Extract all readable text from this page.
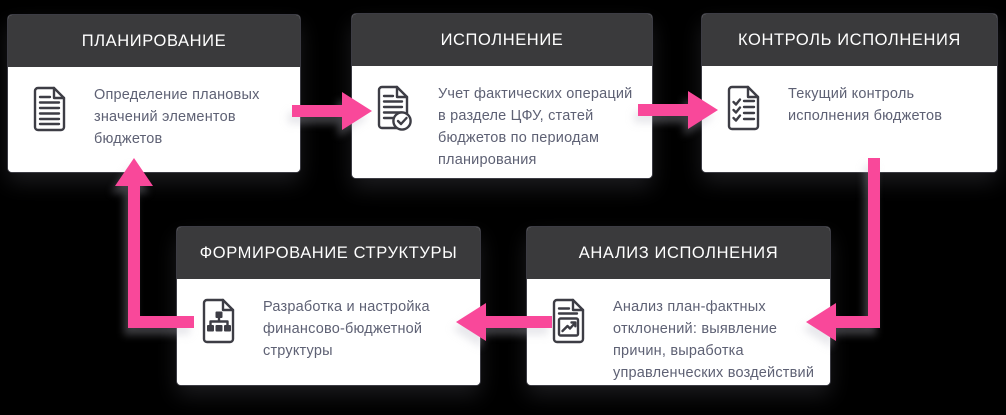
ПЛАНИРОВАНИЕ
Определение плановых значений элементов бюджетов
ИСПОЛНЕНИЕ
Учет фактических операций в разделе ЦФУ, статей бюджетов по периодам планирования
КОНТРОЛЬ ИСПОЛНЕНИЯ
Текущий контроль исполнения бюджетов
ФОРМИРОВАНИЕ СТРУКТУРЫ
Разработка и настройка финансово-бюджетной структуры
АНАЛИЗ ИСПОЛНЕНИЯ
Анализ план-фактных отклонений: выявление причин, выработка управленческих воздействий
